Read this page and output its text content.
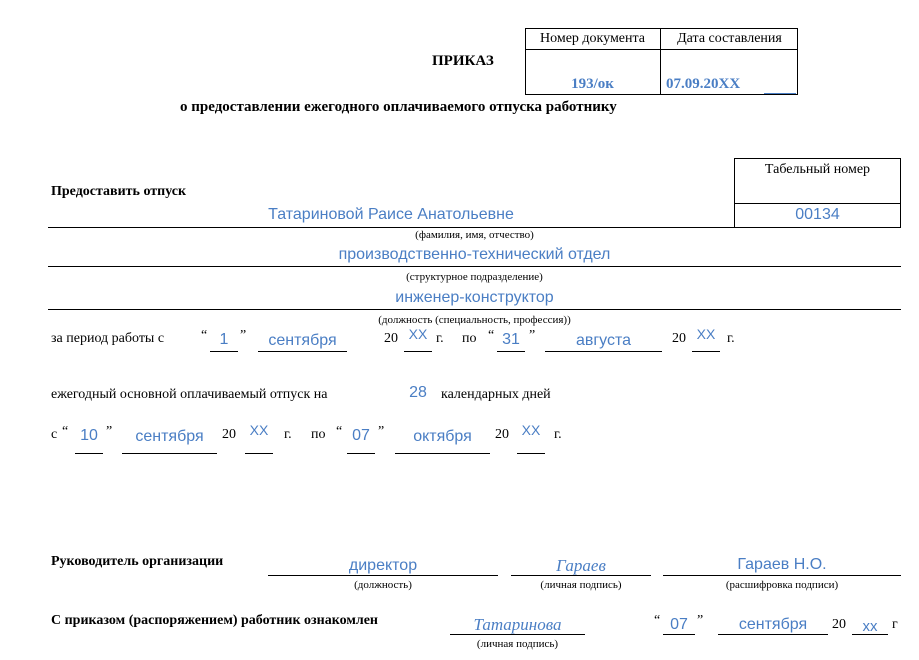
ПРИКАЗ
Номер документа	Дата составления
193/ок	07.09.20ХХ
о предоставлении ежегодного оплачиваемого отпуска работнику
Предоставить отпуск
Табельный номер
00134
Татариновой Раисе Анатольевне
(фамилия, имя, отчество)
производственно-технический отдел
(структурное подразделение)
инженер-конструктор
(должность (специальность, профессия))
за период работы с	“ 1 ”	сентября	20 ХХ г. по “ 31 ”	августа	20 ХХ г.
ежегодный основной оплачиваемый отпуск на	28	календарных дней
с “ 10 ”	сентября	20 ХХ	г. по “ 07 ”	октября	20 ХХ г.
Руководитель организации	директор
(должность)
Гараев
(личная подпись)
Гараев Н.О.
(расшифровка подписи)
С приказом (распоряжением) работник ознакомлен	Татаринова
(личная подпись)
“ 07 ”	сентября	20	хх	г
